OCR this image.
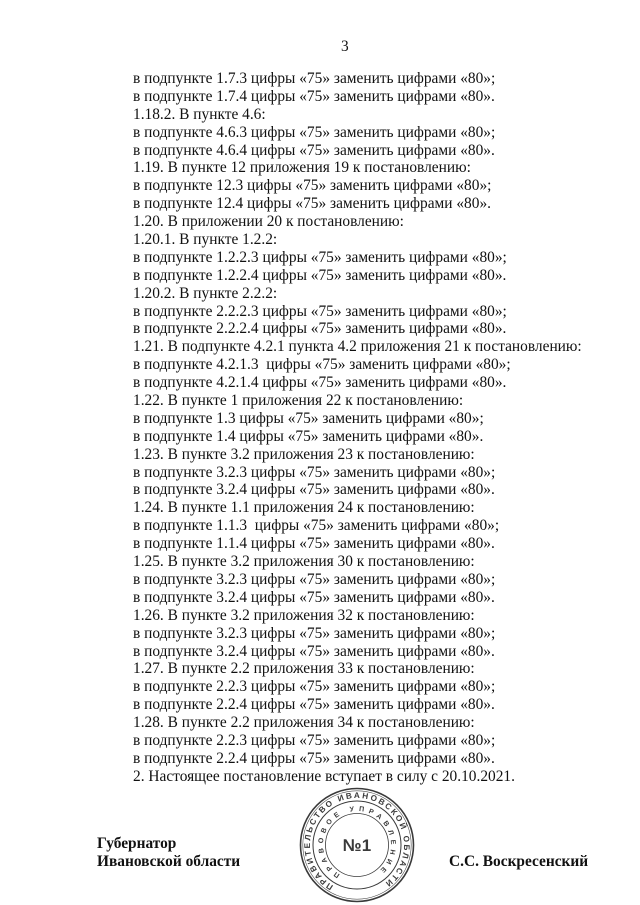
3
в подпункте 1.7.3 цифры «75» заменить цифрами «80»;
в подпункте 1.7.4 цифры «75» заменить цифрами «80».
1.18.2. В пункте 4.6:
в подпункте 4.6.3 цифры «75» заменить цифрами «80»;
в подпункте 4.6.4 цифры «75» заменить цифрами «80».
1.19. В пункте 12 приложения 19 к постановлению:
в подпункте 12.3 цифры «75» заменить цифрами «80»;
в подпункте 12.4 цифры «75» заменить цифрами «80».
1.20. В приложении 20 к постановлению:
1.20.1. В пункте 1.2.2:
в подпункте 1.2.2.3 цифры «75» заменить цифрами «80»;
в подпункте 1.2.2.4 цифры «75» заменить цифрами «80».
1.20.2. В пункте 2.2.2:
в подпункте 2.2.2.3 цифры «75» заменить цифрами «80»;
в подпункте 2.2.2.4 цифры «75» заменить цифрами «80».
1.21. В подпункте 4.2.1 пункта 4.2 приложения 21 к постановлению:
в подпункте 4.2.1.3  цифры «75» заменить цифрами «80»;
в подпункте 4.2.1.4 цифры «75» заменить цифрами «80».
1.22. В пункте 1 приложения 22 к постановлению:
в подпункте 1.3 цифры «75» заменить цифрами «80»;
в подпункте 1.4 цифры «75» заменить цифрами «80».
1.23. В пункте 3.2 приложения 23 к постановлению:
в подпункте 3.2.3 цифры «75» заменить цифрами «80»;
в подпункте 3.2.4 цифры «75» заменить цифрами «80».
1.24. В пункте 1.1 приложения 24 к постановлению:
в подпункте 1.1.3  цифры «75» заменить цифрами «80»;
в подпункте 1.1.4 цифры «75» заменить цифрами «80».
1.25. В пункте 3.2 приложения 30 к постановлению:
в подпункте 3.2.3 цифры «75» заменить цифрами «80»;
в подпункте 3.2.4 цифры «75» заменить цифрами «80».
1.26. В пункте 3.2 приложения 32 к постановлению:
в подпункте 3.2.3 цифры «75» заменить цифрами «80»;
в подпункте 3.2.4 цифры «75» заменить цифрами «80».
1.27. В пункте 2.2 приложения 33 к постановлению:
в подпункте 2.2.3 цифры «75» заменить цифрами «80»;
в подпункте 2.2.4 цифры «75» заменить цифрами «80».
1.28. В пункте 2.2 приложения 34 к постановлению:
в подпункте 2.2.3 цифры «75» заменить цифрами «80»;
в подпункте 2.2.4 цифры «75» заменить цифрами «80».
2. Настоящее постановление вступает в силу с 20.10.2021.
Губернатор
Ивановской области	С.С. Воскресенский
ПРАВИТЕЛЬСТВО ИВАНОВСКОЙ ОБЛАСТИ
ПРАВОВОЕ УПРАВЛЕНИЕ
№1
